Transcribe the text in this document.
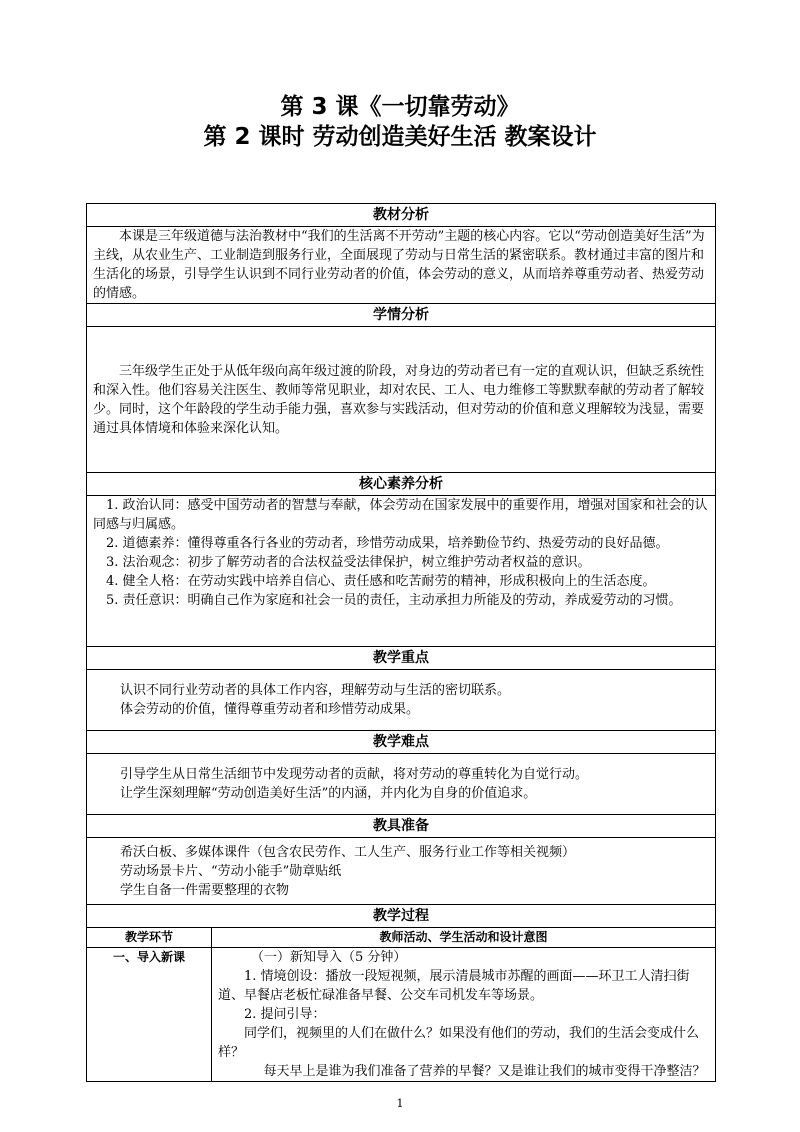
第 3 课《一切靠劳动》
第 2 课时 劳动创造美好生活 教案设计
教材分析	

本课是三年级道德与法治教材中“我们的生活离不开劳动”主题的核心内容。它以“劳动创造美好生活”为主线，从农业生产、工业制造到服务行业，全面展现了劳动与日常生活的紧密联系。教材通过丰富的图片和生活化的场景，引导学生认识到不同行业劳动者的价值，体会劳动的意义，从而培养尊重劳动者、热爱劳动的情感。	

学情分析	

三年级学生正处于从低年级向高年级过渡的阶段，对身边的劳动者已有一定的直观认识，但缺乏系统性和深入性。他们容易关注医生、教师等常见职业，却对农民、工人、电力维修工等默默奉献的劳动者了解较少。同时，这个年龄段的学生动手能力强，喜欢参与实践活动，但对劳动的价值和意义理解较为浅显，需要通过具体情境和体验来深化认知。	

核心素养分析	

1. 政治认同：感受中国劳动者的智慧与奉献，体会劳动在国家发展中的重要作用，增强对国家和社会的认同感与归属感。

2. 道德素养：懂得尊重各行各业的劳动者，珍惜劳动成果，培养勤俭节约、热爱劳动的良好品德。

3. 法治观念：初步了解劳动者的合法权益受法律保护，树立维护劳动者权益的意识。

4. 健全人格：在劳动实践中培养自信心、责任感和吃苦耐劳的精神，形成积极向上的生活态度。

5. 责任意识：明确自己作为家庭和社会一员的责任，主动承担力所能及的劳动，养成爱劳动的习惯。	

教学重点	

认识不同行业劳动者的具体工作内容，理解劳动与生活的密切联系。

体会劳动的价值，懂得尊重劳动者和珍惜劳动成果。	

教学难点	

引导学生从日常生活细节中发现劳动者的贡献，将对劳动的尊重转化为自觉行动。

让学生深刻理解“劳动创造美好生活”的内涵，并内化为自身的价值追求。	

教具准备	

希沃白板、多媒体课件（包含农民劳作、工人生产、服务行业工作等相关视频）

劳动场景卡片、“劳动小能手”勋章贴纸

学生自备一件需要整理的衣物	

教学过程	
教学环节	教师活动、学生活动和设计意图
一、导入新课	（一）新知导入（5 分钟）

1. 情境创设：播放一段短视频，展示清晨城市苏醒的画面——环卫工人清扫街道、早餐店老板忙碌准备早餐、公交车司机发车等场景。

2. 提问引导：

同学们，视频里的人们在做什么？如果没有他们的劳动，我们的生活会变成什么样？

每天早上是谁为我们准备了营养的早餐？又是谁让我们的城市变得干净整洁？

1
